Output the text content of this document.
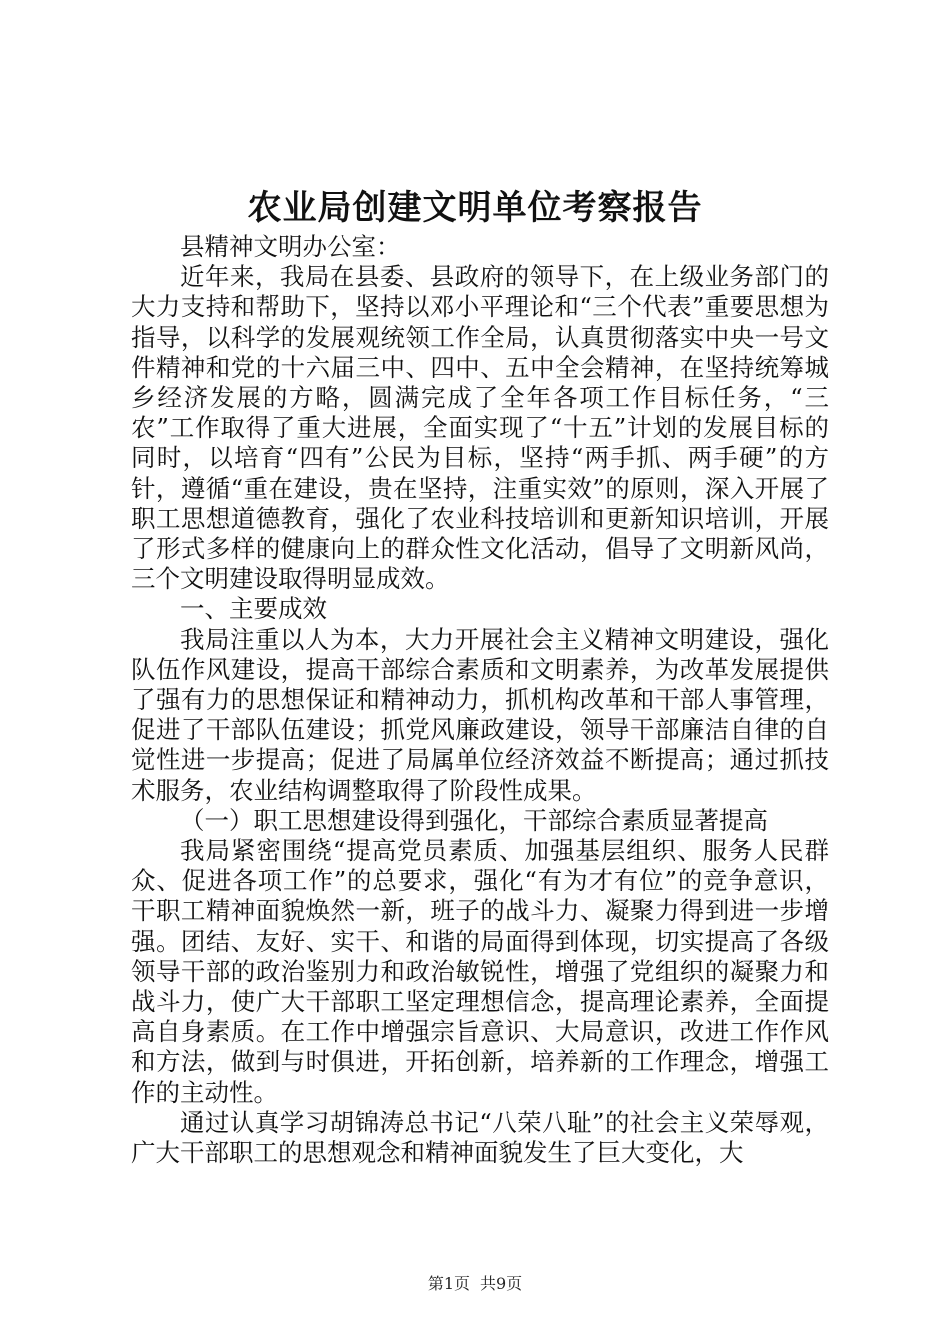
农业局创建文明单位考察报告

县精神文明办公室：

近年来，我局在县委、县政府的领导下，在上级业务部门的大力支持和帮助下，坚持以邓小平理论和“三个代表”重要思想为指导，以科学的发展观统领工作全局，认真贯彻落实中央一号文件精神和党的十六届三中、四中、五中全会精神，在坚持统筹城乡经济发展的方略，圆满完成了全年各项工作目标任务，“三农”工作取得了重大进展，全面实现了“十五”计划的发展目标的同时，以培育“四有”公民为目标，坚持“两手抓、两手硬”的方针，遵循“重在建设，贵在坚持，注重实效”的原则，深入开展了职工思想道德教育，强化了农业科技培训和更新知识培训，开展了形式多样的健康向上的群众性文化活动，倡导了文明新风尚，三个文明建设取得明显成效。

一、主要成效

我局注重以人为本，大力开展社会主义精神文明建设，强化队伍作风建设，提高干部综合素质和文明素养，为改革发展提供了强有力的思想保证和精神动力，抓机构改革和干部人事管理，促进了干部队伍建设；抓党风廉政建设，领导干部廉洁自律的自觉性进一步提高；促进了局属单位经济效益不断提高；通过抓技术服务，农业结构调整取得了阶段性成果。

（一）职工思想建设得到强化，干部综合素质显著提高

我局紧密围绕“提高党员素质、加强基层组织、服务人民群众、促进各项工作”的总要求，强化“有为才有位”的竞争意识，干职工精神面貌焕然一新，班子的战斗力、凝聚力得到进一步增强。团结、友好、实干、和谐的局面得到体现，切实提高了各级领导干部的政治鉴别力和政治敏锐性，增强了党组织的凝聚力和战斗力，使广大干部职工坚定理想信念，提高理论素养，全面提高自身素质。在工作中增强宗旨意识、大局意识，改进工作作风和方法，做到与时俱进，开拓创新，培养新的工作理念，增强工作的主动性。

通过认真学习胡锦涛总书记“八荣八耻”的社会主义荣辱观，广大干部职工的思想观念和精神面貌发生了巨大变化，大

第1页 共9页
